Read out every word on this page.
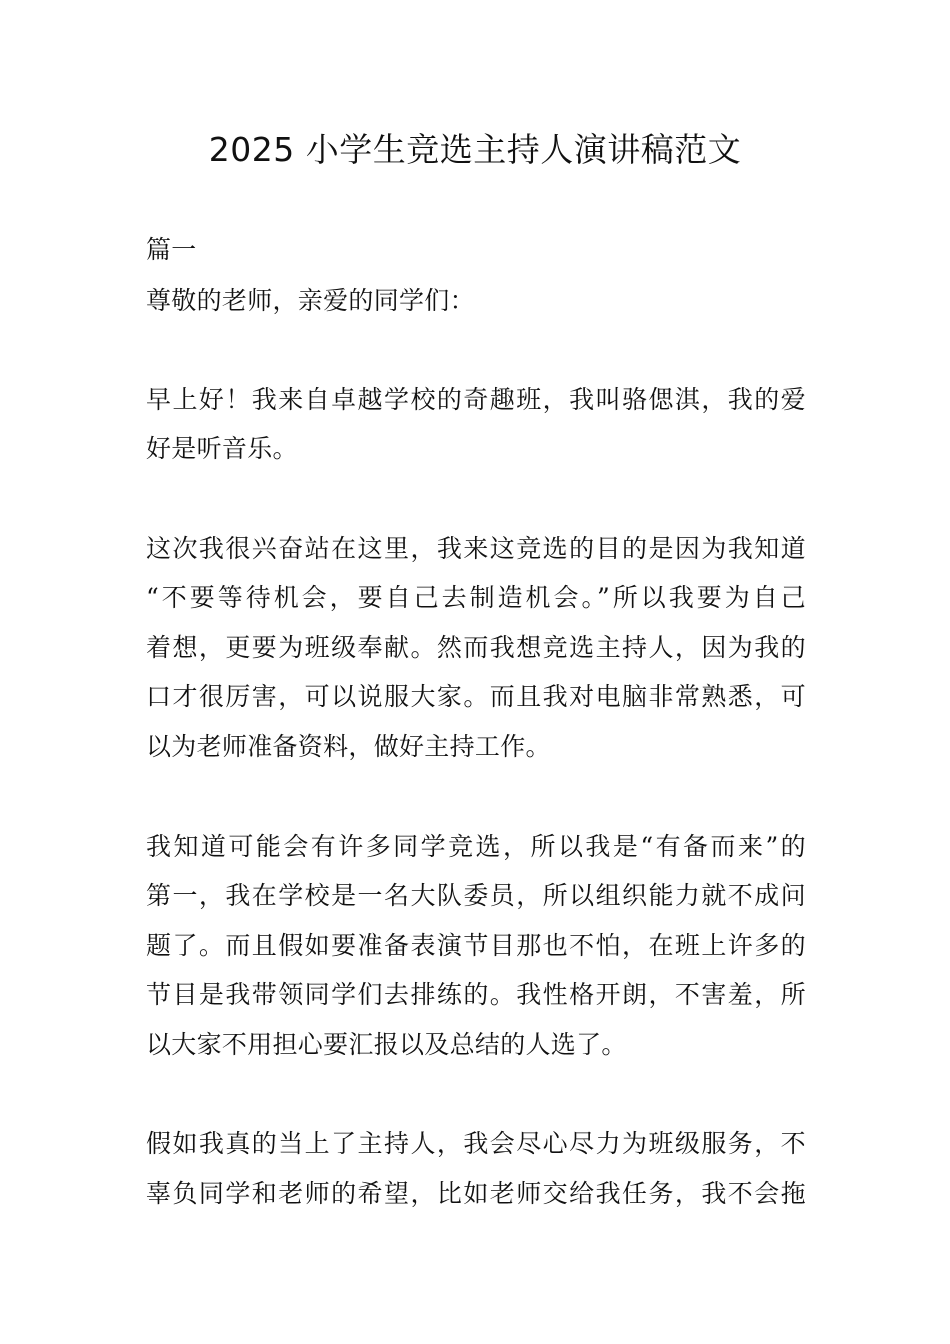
2025 小学生竞选主持人演讲稿范文
篇一
尊敬的老师，亲爱的同学们：
早上好！我来自卓越学校的奇趣班，我叫骆偲淇，我的爱
好是听音乐。
这次我很兴奋站在这里，我来这竞选的目的是因为我知道
“不要等待机会，要自己去制造机会。”所以我要为自己
着想，更要为班级奉献。然而我想竞选主持人，因为我的
口才很厉害，可以说服大家。而且我对电脑非常熟悉，可
以为老师准备资料，做好主持工作。
我知道可能会有许多同学竞选，所以我是“有备而来”的
第一，我在学校是一名大队委员，所以组织能力就不成问
题了。而且假如要准备表演节目那也不怕，在班上许多的
节目是我带领同学们去排练的。我性格开朗，不害羞，所
以大家不用担心要汇报以及总结的人选了。
假如我真的当上了主持人，我会尽心尽力为班级服务，不
辜负同学和老师的希望，比如老师交给我任务，我不会拖
